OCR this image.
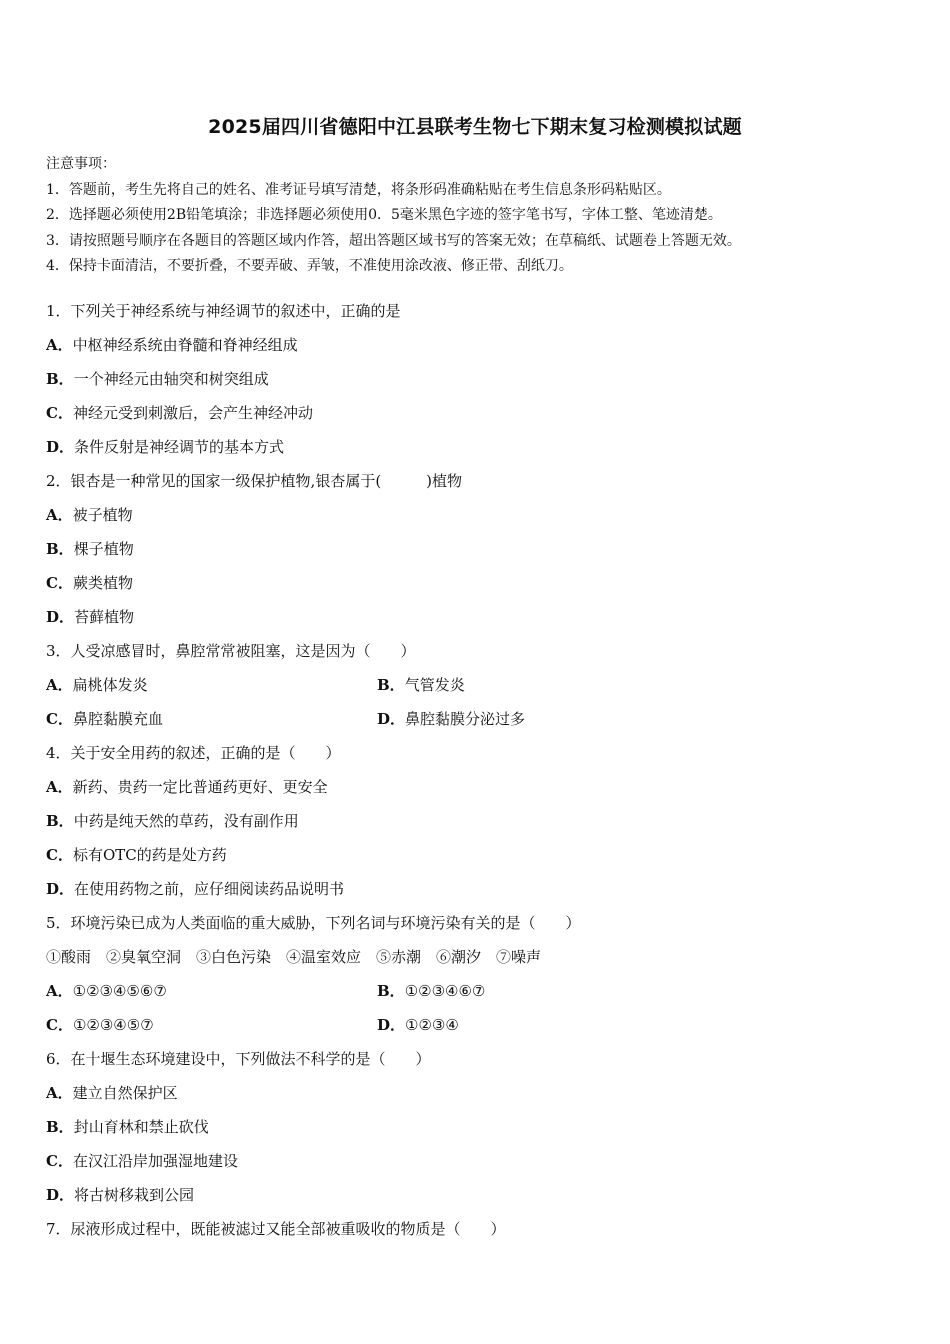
2025届四川省德阳中江县联考生物七下期末复习检测模拟试题
注意事项：
1．答题前，考生先将自己的姓名、准考证号填写清楚，将条形码准确粘贴在考生信息条形码粘贴区。
2．选择题必须使用2B铅笔填涂；非选择题必须使用0．5毫米黑色字迹的签字笔书写，字体工整、笔迹清楚。
3．请按照题号顺序在各题目的答题区域内作答，超出答题区域书写的答案无效；在草稿纸、试题卷上答题无效。
4．保持卡面清洁，不要折叠，不要弄破、弄皱，不准使用涂改液、修正带、刮纸刀。
1．下列关于神经系统与神经调节的叙述中，正确的是
A．中枢神经系统由脊髓和脊神经组成
B．一个神经元由轴突和树突组成
C．神经元受到刺激后，会产生神经冲动
D．条件反射是神经调节的基本方式
2．银杏是一种常见的国家一级保护植物,银杏属于(　　　)植物
A．被子植物
B．棵子植物
C．蕨类植物
D．苔藓植物
3．人受凉感冒时，鼻腔常常被阻塞，这是因为（　　）
A．扁桃体发炎	B．气管发炎
C．鼻腔黏膜充血	D．鼻腔黏膜分泌过多
4．关于安全用药的叙述，正确的是（　　）
A．新药、贵药一定比普通药更好、更安全
B．中药是纯天然的草药，没有副作用
C．标有OTC的药是处方药
D．在使用药物之前，应仔细阅读药品说明书
5．环境污染已成为人类面临的重大威胁，下列名词与环境污染有关的是（　　）
①酸雨　②臭氧空洞　③白色污染　④温室效应　⑤赤潮　⑥潮汐　⑦噪声
A．①②③④⑤⑥⑦	B．①②③④⑥⑦
C．①②③④⑤⑦	D．①②③④
6．在十堰生态环境建设中，下列做法不科学的是（　　）
A．建立自然保护区
B．封山育林和禁止砍伐
C．在汉江沿岸加强湿地建设
D．将古树移栽到公园
7．尿液形成过程中，既能被滤过又能全部被重吸收的物质是（　　）
